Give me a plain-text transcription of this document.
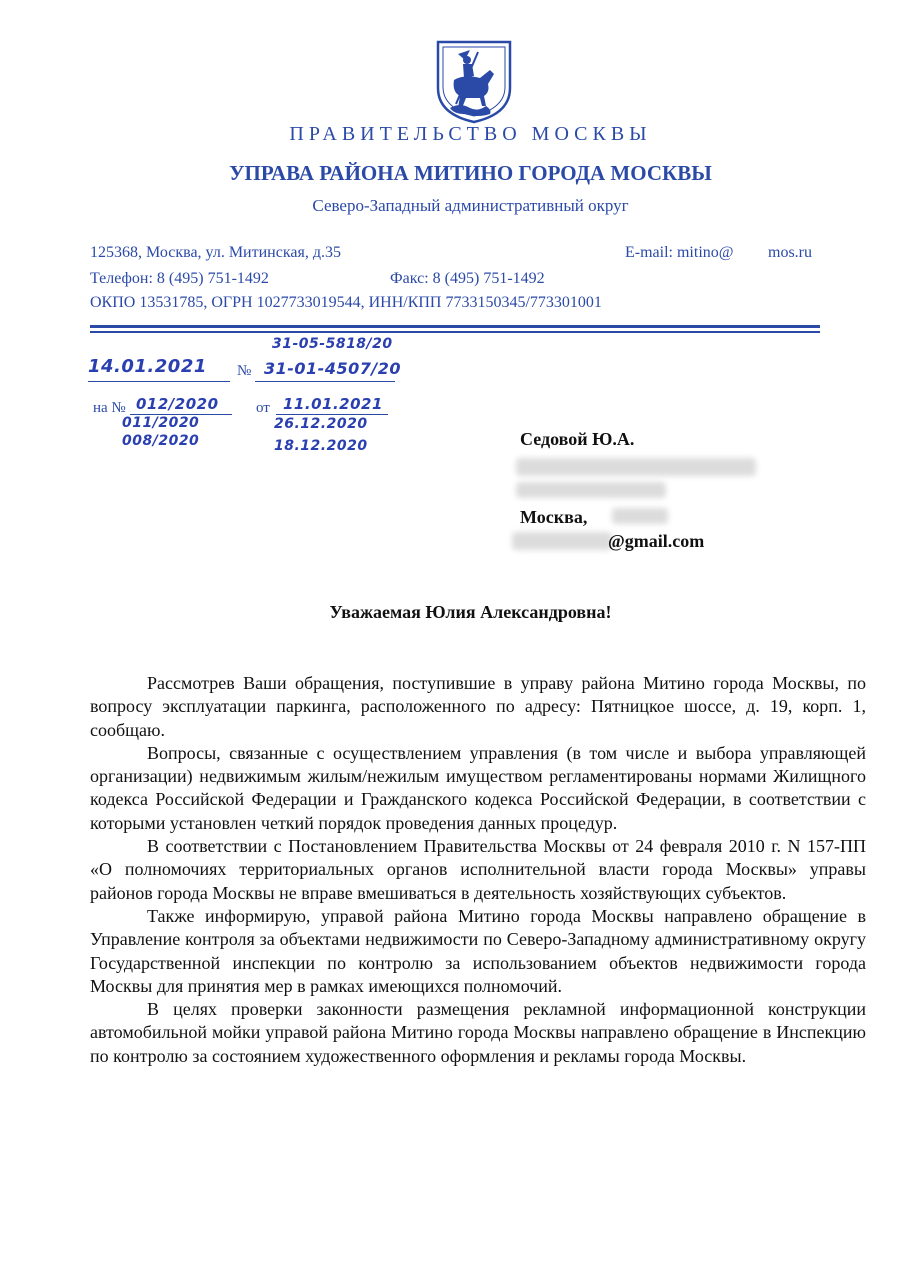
ПРАВИТЕЛЬСТВО МОСКВЫ
УПРАВА РАЙОНА МИТИНО ГОРОДА МОСКВЫ
Северо-Западный административный округ
125368, Москва, ул. Митинская, д.35	E-mail: mitino@ mos.ru
Телефон: 8 (495) 751-1492	Факс: 8 (495) 751-1492
ОКПО 13531785, ОГРН 1027733019544, ИНН/КПП 7733150345/773301001
14.01.2021 №
31-05-5818/20
31-01-4507/20
на № 012/2020
011/2020
008/2020
от 11.01.2021
26.12.2020
18.12.2020	Седовой Ю.А.
Москва,
@gmail.com
Уважаемая Юлия Александровна!

Рассмотрев Ваши обращения, поступившие в управу района Митино города Москвы, по вопросу эксплуатации паркинга, расположенного по адресу: Пятницкое шоссе, д. 19, корп. 1, сообщаю.

Вопросы, связанные с осуществлением управления (в том числе и выбора управляющей организации) недвижимым жилым/нежилым имуществом регламентированы нормами Жилищного кодекса Российской Федерации и Гражданского кодекса Российской Федерации, в соответствии с которыми установлен четкий порядок проведения данных процедур.

В соответствии с Постановлением Правительства Москвы от 24 февраля 2010 г. N 157-ПП «О полномочиях территориальных органов исполнительной власти города Москвы» управы районов города Москвы не вправе вмешиваться в деятельность хозяйствующих субъектов.

Также информирую, управой района Митино города Москвы направлено обращение в Управление контроля за объектами недвижимости по Северо-Западному административному округу Государственной инспекции по контролю за использованием объектов недвижимости города Москвы для принятия мер в рамках имеющихся полномочий.

В целях проверки законности размещения рекламной информационной конструкции автомобильной мойки управой района Митино города Москвы направлено обращение в Инспекцию по контролю за состоянием художественного оформления и рекламы города Москвы.
